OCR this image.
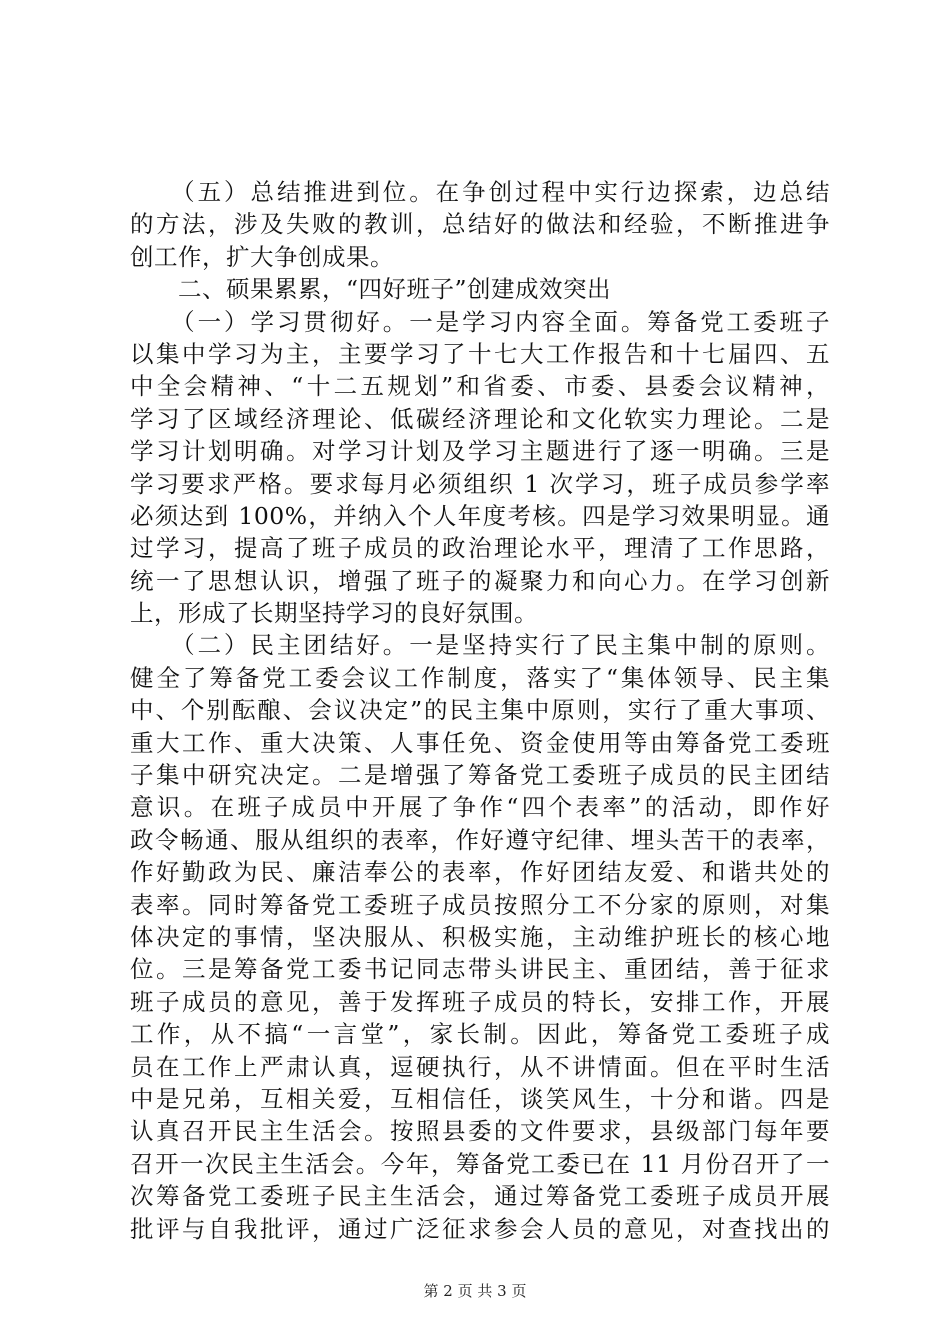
　　（五）总结推进到位。在争创过程中实行边探索，边总结
的方法，涉及失败的教训，总结好的做法和经验，不断推进争
创工作，扩大争创成果。
　　二、硕果累累，“四好班子”创建成效突出
　　（一）学习贯彻好。一是学习内容全面。筹备党工委班子
以集中学习为主，主要学习了十七大工作报告和十七届四、五
中全会精神、“十二五规划”和省委、市委、县委会议精神，
学习了区域经济理论、低碳经济理论和文化软实力理论。二是
学习计划明确。对学习计划及学习主题进行了逐一明确。三是
学习要求严格。要求每月必须组织 1 次学习，班子成员参学率
必须达到 100%，并纳入个人年度考核。四是学习效果明显。通
过学习，提高了班子成员的政治理论水平，理清了工作思路，
统一了思想认识，增强了班子的凝聚力和向心力。在学习创新
上，形成了长期坚持学习的良好氛围。
　　（二）民主团结好。一是坚持实行了民主集中制的原则。
健全了筹备党工委会议工作制度，落实了“集体领导、民主集
中、个别酝酿、会议决定”的民主集中原则，实行了重大事项、
重大工作、重大决策、人事任免、资金使用等由筹备党工委班
子集中研究决定。二是增强了筹备党工委班子成员的民主团结
意识。在班子成员中开展了争作“四个表率”的活动，即作好
政令畅通、服从组织的表率，作好遵守纪律、埋头苦干的表率，
作好勤政为民、廉洁奉公的表率，作好团结友爱、和谐共处的
表率。同时筹备党工委班子成员按照分工不分家的原则，对集
体决定的事情，坚决服从、积极实施，主动维护班长的核心地
位。三是筹备党工委书记同志带头讲民主、重团结，善于征求
班子成员的意见，善于发挥班子成员的特长，安排工作，开展
工作，从不搞“一言堂”，家长制。因此，筹备党工委班子成
员在工作上严肃认真，逗硬执行，从不讲情面。但在平时生活
中是兄弟，互相关爱，互相信任，谈笑风生，十分和谐。四是
认真召开民主生活会。按照县委的文件要求，县级部门每年要
召开一次民主生活会。今年，筹备党工委已在 11 月份召开了一
次筹备党工委班子民主生活会，通过筹备党工委班子成员开展
批评与自我批评，通过广泛征求参会人员的意见，对查找出的
第 2 页 共 3 页
